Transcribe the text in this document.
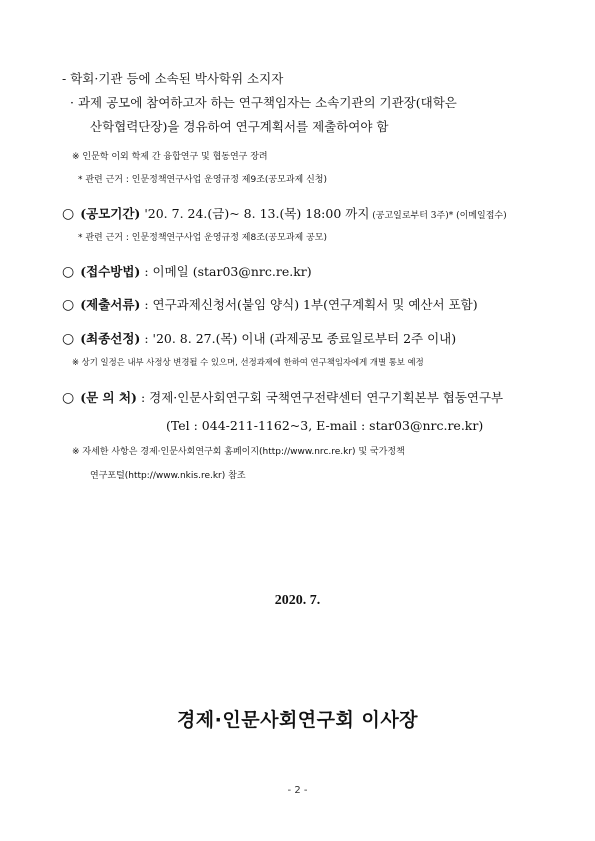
- 학회·기관 등에 소속된 박사학위 소지자
· 과제 공모에 참여하고자 하는 연구책임자는 소속기관의 기관장(대학은
산학협력단장)을 경유하여 연구계획서를 제출하여야 함
※ 인문학 이외 학제 간 융합연구 및 협동연구 장려
* 관련 근거 : 인문정책연구사업 운영규정 제9조(공모과제 신청)
○ (공모기간) '20. 7. 24.(금)~ 8. 13.(목) 18:00 까지 (공고일로부터 3주)* (이메일접수)
* 관련 근거 : 인문정책연구사업 운영규정 제8조(공모과제 공모)
○ (접수방법) : 이메일 (star03@nrc.re.kr)
○ (제출서류) : 연구과제신청서(붙임 양식) 1부(연구계획서 및 예산서 포함)
○ (최종선정) : '20. 8. 27.(목) 이내 (과제공모 종료일로부터 2주 이내)
※ 상기 일정은 내부 사정상 변경될 수 있으며, 선정과제에 한하여 연구책임자에게 개별 통보 예정
○ (문 의 처) : 경제·인문사회연구회 국책연구전략센터 연구기획본부 협동연구부
(Tel : 044-211-1162~3, E-mail : star03@nrc.re.kr)
※ 자세한 사항은 경제·인문사회연구회 홈페이지(http://www.nrc.re.kr) 및 국가정책
연구포털(http://www.nkis.re.kr) 참조
2020. 7.
경제·인문사회연구회 이사장
- 2 -
